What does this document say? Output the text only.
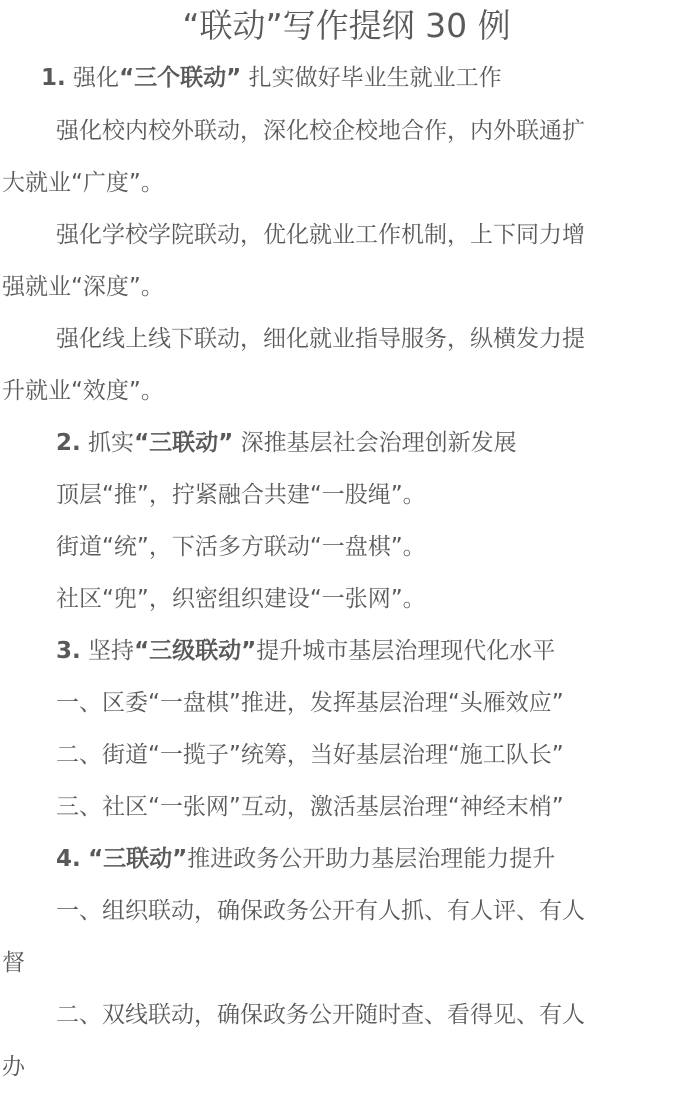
“联动”写作提纲 30 例
1. 强化“三个联动” 扎实做好毕业生就业工作
强化校内校外联动，深化校企校地合作，内外联通扩
大就业“广度”。
强化学校学院联动，优化就业工作机制，上下同力增
强就业“深度”。
强化线上线下联动，细化就业指导服务，纵横发力提
升就业“效度”。
2. 抓实“三联动” 深推基层社会治理创新发展
顶层“推”，拧紧融合共建“一股绳”。
街道“统”，下活多方联动“一盘棋”。
社区“兜”，织密组织建设“一张网”。
3. 坚持“三级联动”提升城市基层治理现代化水平
一、区委“一盘棋”推进，发挥基层治理“头雁效应”
二、街道“一揽子”统筹，当好基层治理“施工队长”
三、社区“一张网”互动，激活基层治理“神经末梢”
4. “三联动”推进政务公开助力基层治理能力提升
一、组织联动，确保政务公开有人抓、有人评、有人
督
二、双线联动，确保政务公开随时查、看得见、有人
办
